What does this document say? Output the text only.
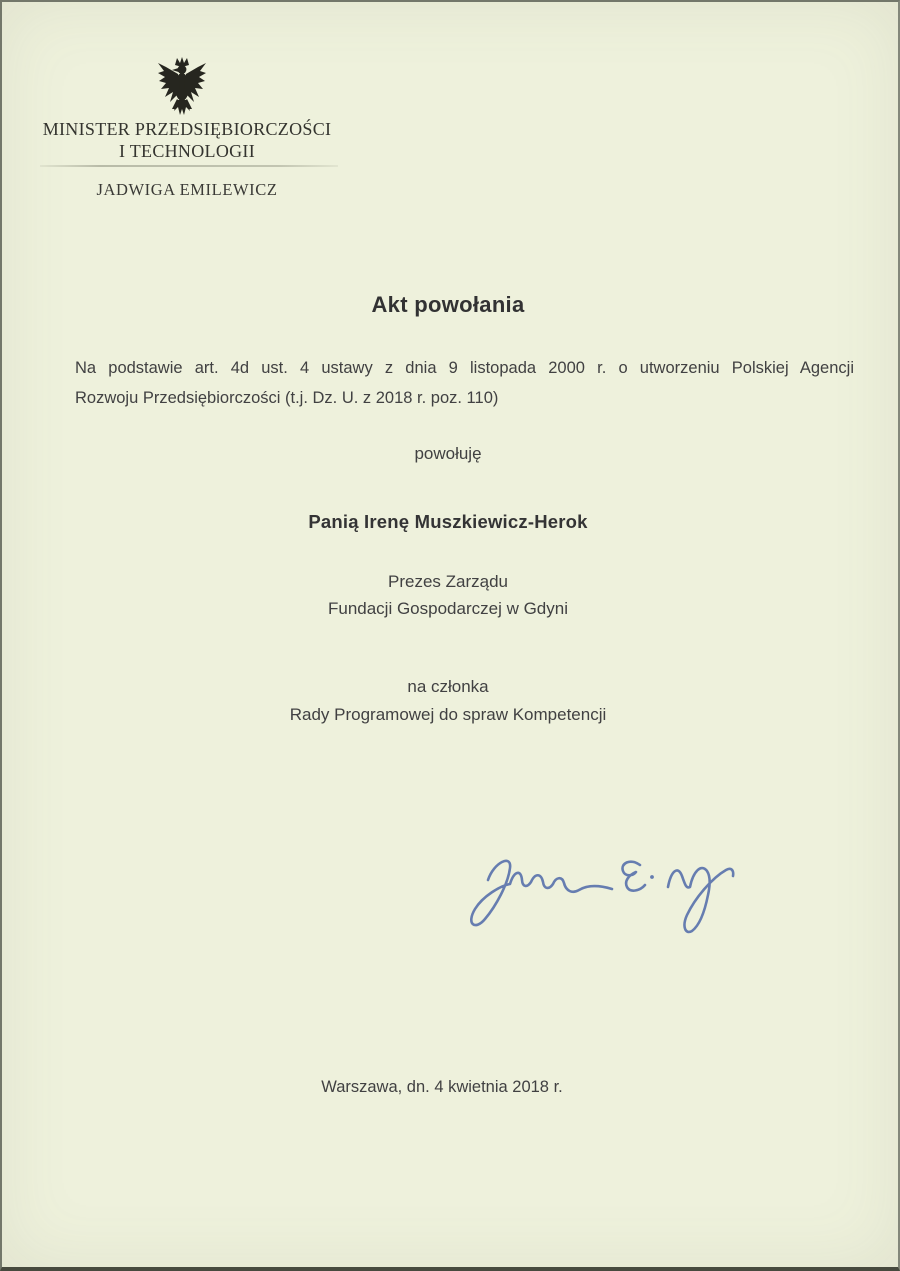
MINISTER PRZEDSIĘBIORCZOŚCI
I TECHNOLOGII
JADWIGA EMILEWICZ
Akt powołania
Na podstawie art. 4d ust. 4 ustawy z dnia 9 listopada 2000 r. o utworzeniu Polskiej Agencji
Rozwoju Przedsiębiorczości (t.j. Dz. U. z 2018 r. poz. 110)
powołuję
Panią Irenę Muszkiewicz-Herok
Prezes Zarządu
Fundacji Gospodarczej w Gdyni
na członka
Rady Programowej do spraw Kompetencji
Warszawa, dn. 4 kwietnia 2018 r.
